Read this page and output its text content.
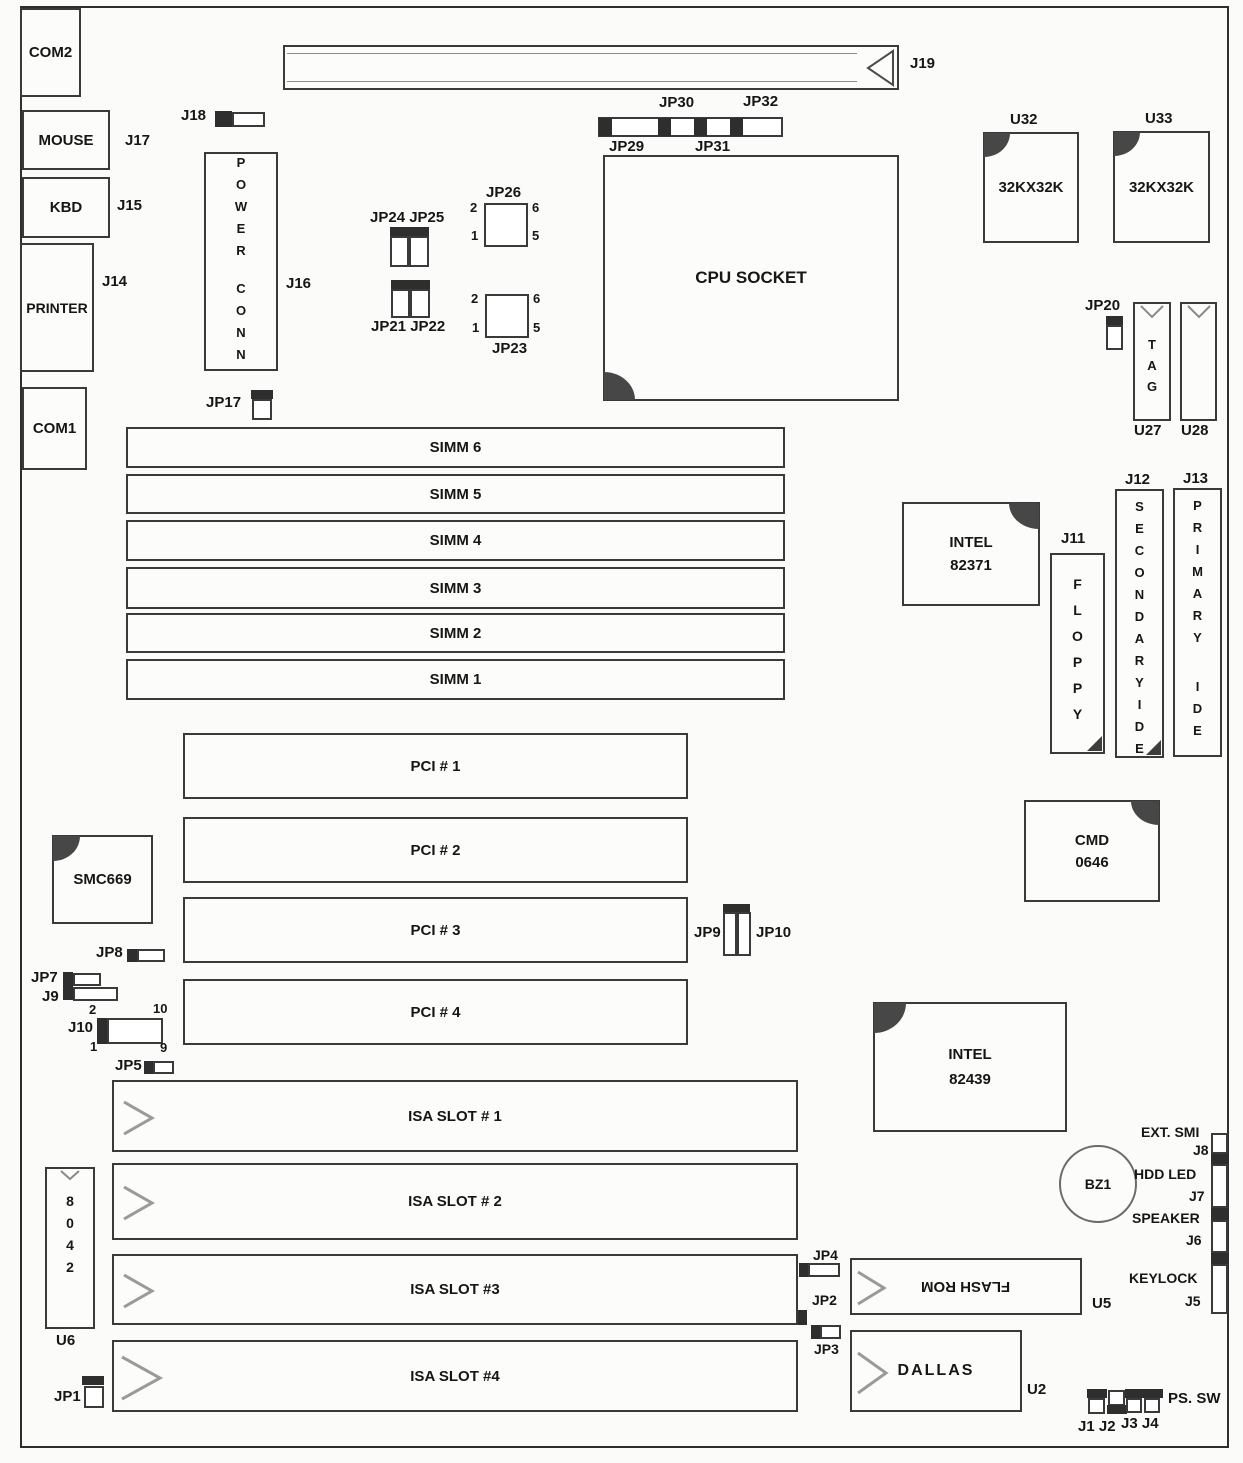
COM2
MOUSE J17
KBD J15
PRINTER
J14
COM1
J18
J19
JP30	JP32
JP29	JP31
POWER
CONN	J16
JP17
JP24 JP25
JP21 JP22
JP26
2	6
1	5
2	6
1	5
JP23
CPU SOCKET
U32
32KX32K
U33
32KX32K
JP20
TAG
U27 U28
SIMM 6
SIMM 5
SIMM 4
SIMM 3
SIMM 2
SIMM 1
INTEL
82371
J11
FLOPPY
J12
SECONDARY
IDE
J13
PRIMARY
IDE
PCI # 1
PCI # 2
PCI # 3
PCI # 4
SMC669
JP8
JP7
J9
2	10
J10
1	9
JP5
JP9 JP10
CMD
0646
INTEL
82439
ISA SLOT # 1
ISA SLOT # 2
ISA SLOT #3
ISA SLOT #4
8042
U6
JP1
BZ1
EXT. SMI
J8
HDD LED
J7
SPEAKER
J6
KEYLOCK
J5
JP4
JP2
JP3
FLASH ROM
U5
DALLAS
U2
J1 J2 J3 J4
PS. SW
